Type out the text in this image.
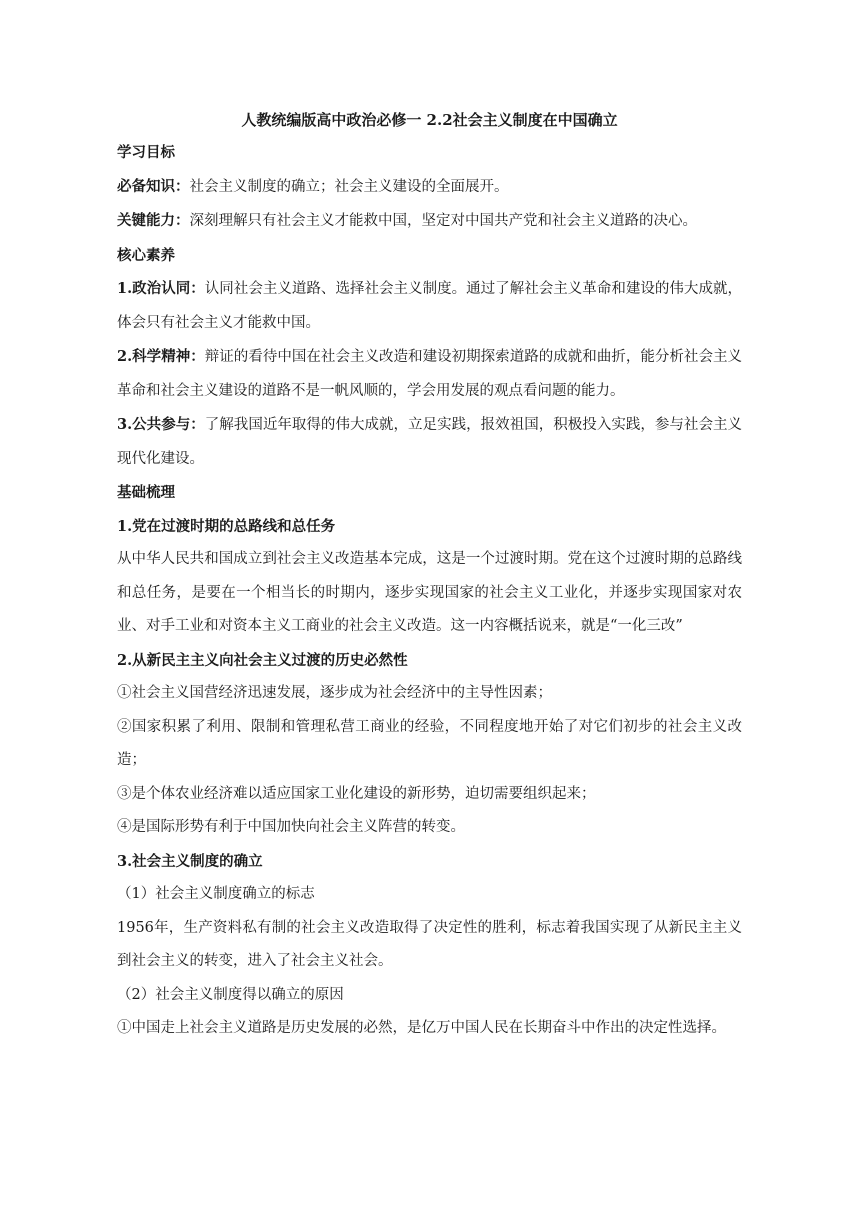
人教统编版高中政治必修一 2.2社会主义制度在中国确立

学习目标

必备知识：社会主义制度的确立；社会主义建设的全面展开。

关键能力：深刻理解只有社会主义才能救中国，坚定对中国共产党和社会主义道路的决心。

核心素养

1.政治认同：认同社会主义道路、选择社会主义制度。通过了解社会主义革命和建设的伟大成就，体会只有社会主义才能救中国。

2.科学精神：辩证的看待中国在社会主义改造和建设初期探索道路的成就和曲折，能分析社会主义革命和社会主义建设的道路不是一帆风顺的，学会用发展的观点看问题的能力。

3.公共参与：了解我国近年取得的伟大成就，立足实践，报效祖国，积极投入实践，参与社会主义现代化建设。

基础梳理

1.党在过渡时期的总路线和总任务

从中华人民共和国成立到社会主义改造基本完成，这是一个过渡时期。党在这个过渡时期的总路线和总任务，是要在一个相当长的时期内，逐步实现国家的社会主义工业化，并逐步实现国家对农业、对手工业和对资本主义工商业的社会主义改造。这一内容概括说来，就是“一化三改”

2.从新民主主义向社会主义过渡的历史必然性

①社会主义国营经济迅速发展，逐步成为社会经济中的主导性因素；

②国家积累了利用、限制和管理私营工商业的经验，不同程度地开始了对它们初步的社会主义改造；

③是个体农业经济难以适应国家工业化建设的新形势，迫切需要组织起来；

④是国际形势有利于中国加快向社会主义阵营的转变。

3.社会主义制度的确立

（1）社会主义制度确立的标志

1956年，生产资料私有制的社会主义改造取得了决定性的胜利，标志着我国实现了从新民主主义到社会主义的转变，进入了社会主义社会。

（2）社会主义制度得以确立的原因

①中国走上社会主义道路是历史发展的必然，是亿万中国人民在长期奋斗中作出的决定性选择。
